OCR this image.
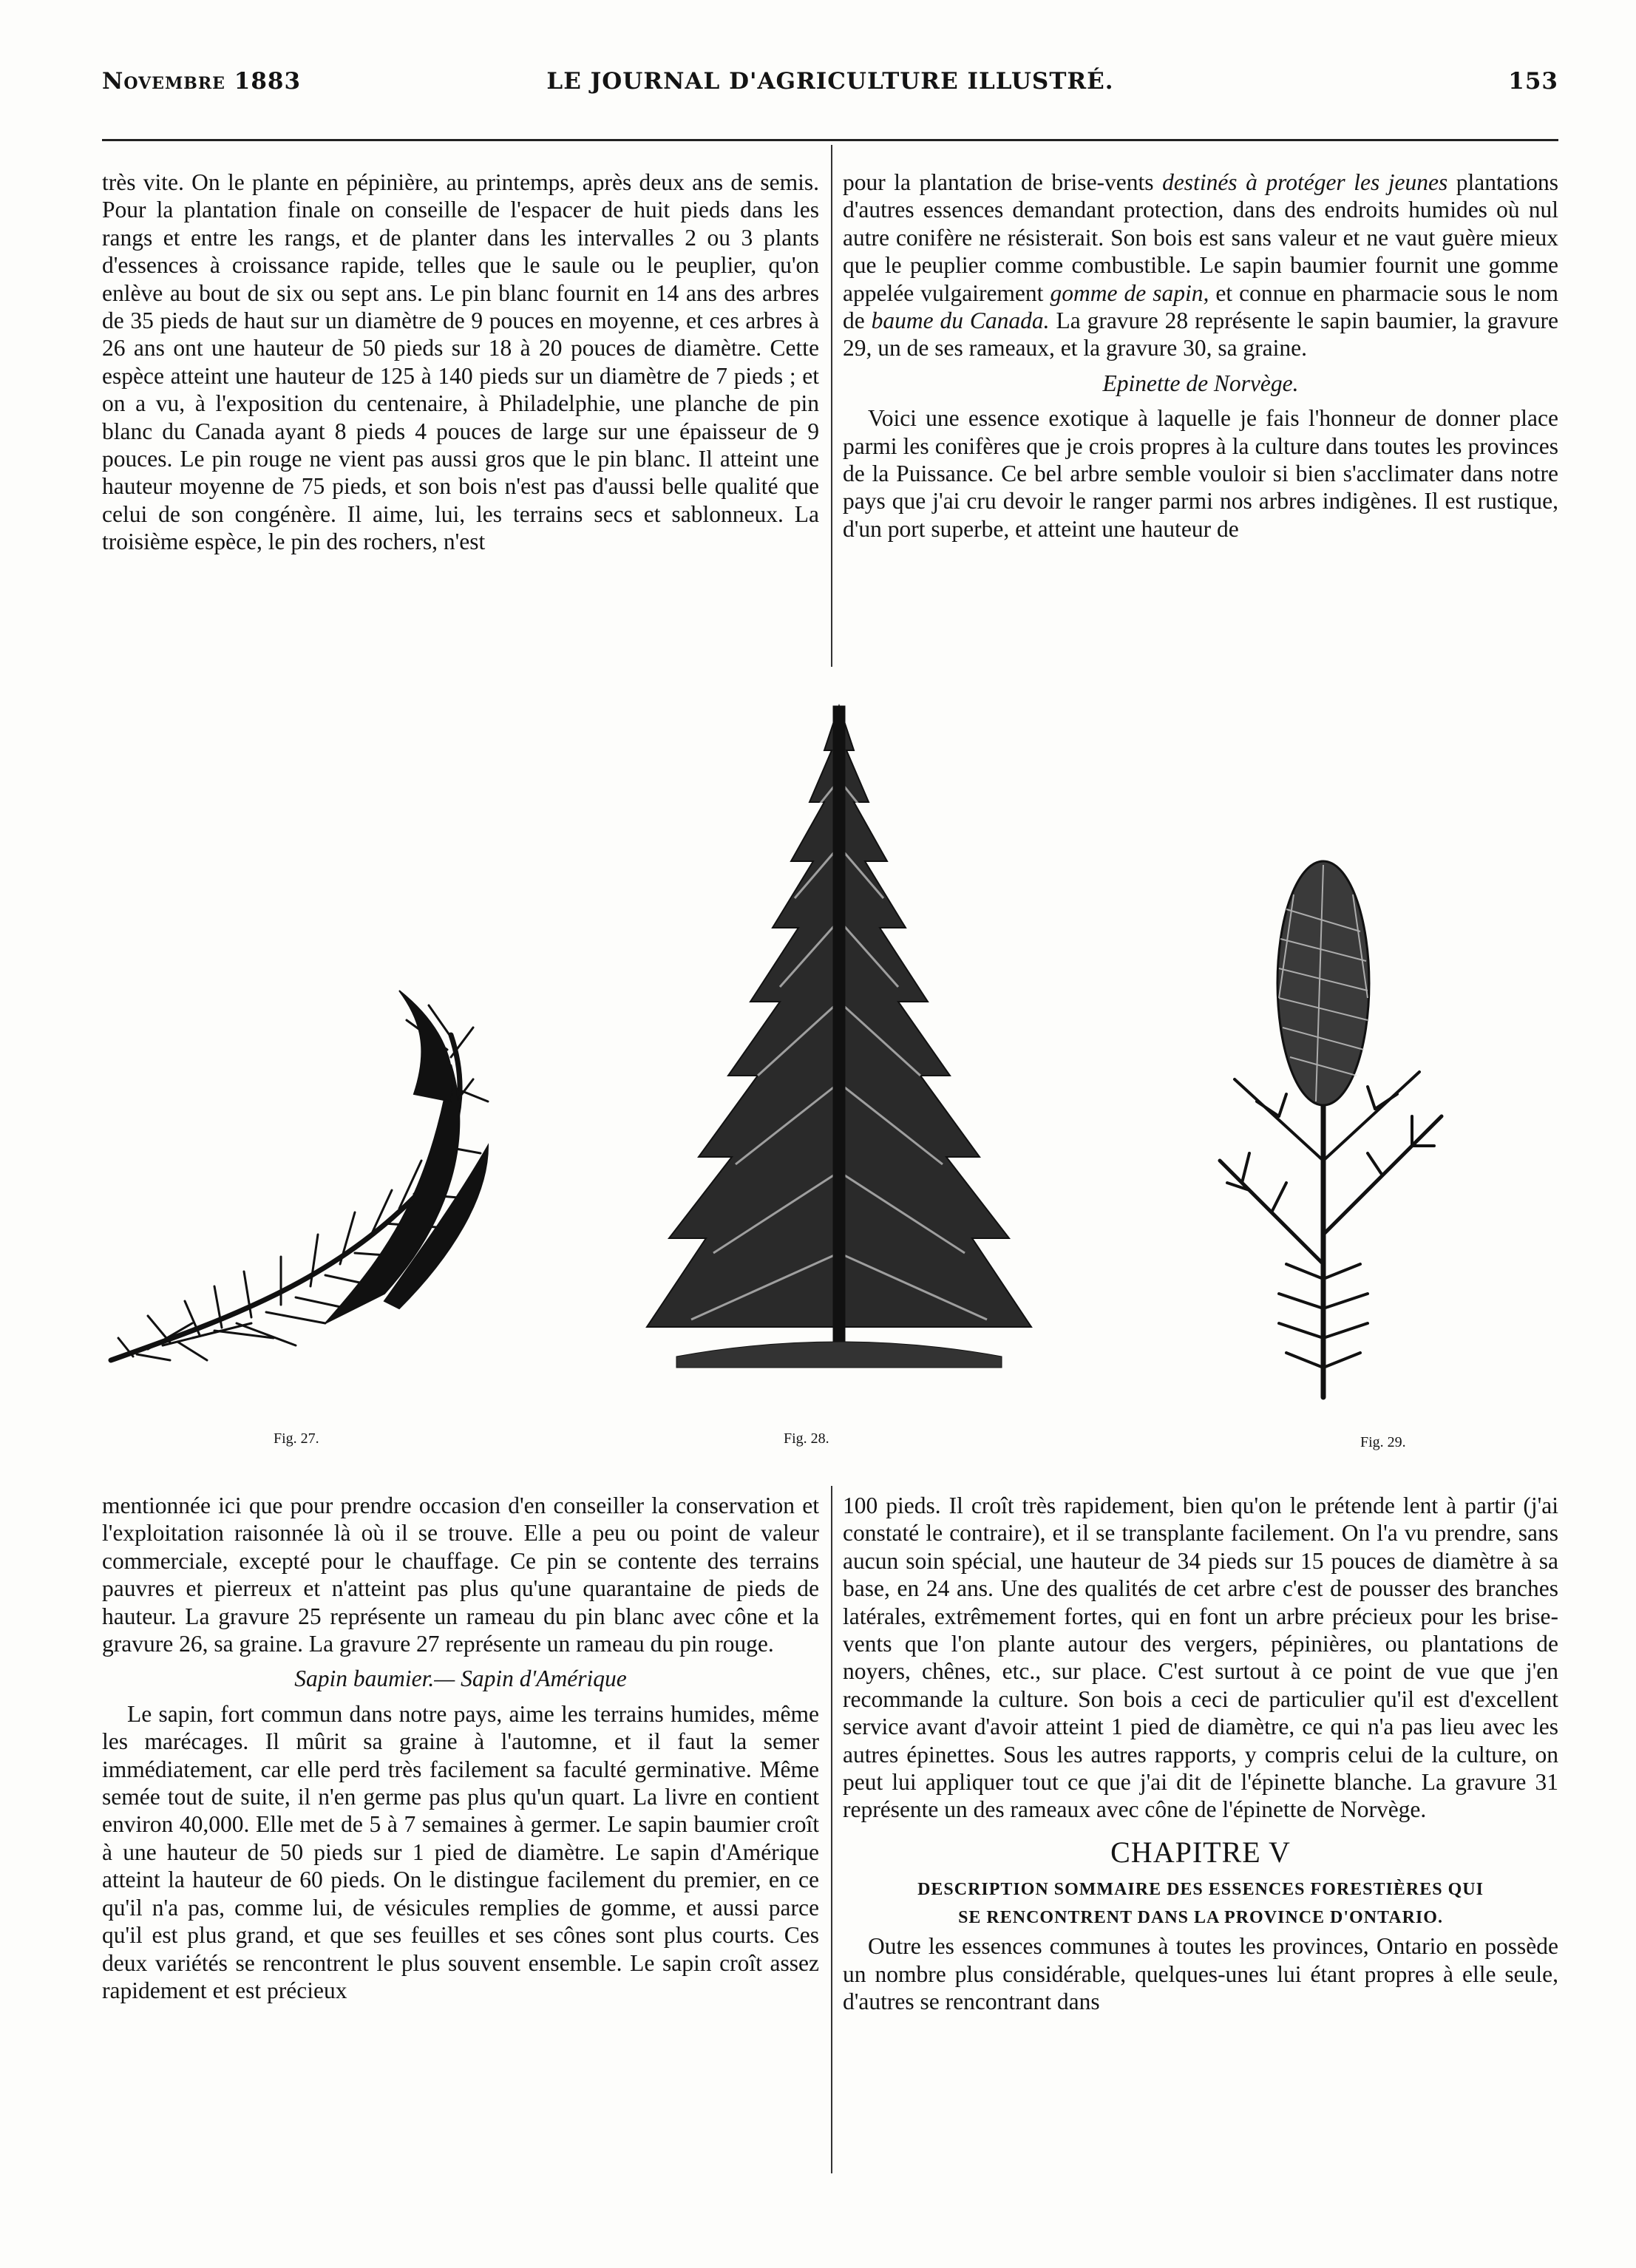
Novembre 1883	LE JOURNAL D'AGRICULTURE ILLUSTRÉ.	153

très vite. On le plante en pépinière, au printemps, après deux ans de semis. Pour la plantation finale on conseille de l'espacer de huit pieds dans les rangs et entre les rangs, et de planter dans les intervalles 2 ou 3 plants d'essences à croissance rapide, telles que le saule ou le peuplier, qu'on enlève au bout de six ou sept ans. Le pin blanc fournit en 14 ans des arbres de 35 pieds de haut sur un diamètre de 9 pouces en moyenne, et ces arbres à 26 ans ont une hauteur de 50 pieds sur 18 à 20 pouces de diamètre. Cette espèce atteint une hauteur de 125 à 140 pieds sur un diamètre de 7 pieds ; et on a vu, à l'exposition du centenaire, à Philadelphie, une planche de pin blanc du Canada ayant 8 pieds 4 pouces de large sur une épaisseur de 9 pouces. Le pin rouge ne vient pas aussi gros que le pin blanc. Il atteint une hauteur moyenne de 75 pieds, et son bois n'est pas d'aussi belle qualité que celui de son congénère. Il aime, lui, les terrains secs et sablonneux. La troisième espèce, le pin des rochers, n'est

pour la plantation de brise-vents destinés à protéger les jeunes plantations d'autres essences demandant protection, dans des endroits humides où nul autre conifère ne résisterait. Son bois est sans valeur et ne vaut guère mieux que le peuplier comme combustible. Le sapin baumier fournit une gomme appelée vulgairement gomme de sapin, et connue en pharmacie sous le nom de baume du Canada. La gravure 28 représente le sapin baumier, la gravure 29, un de ses rameaux, et la gravure 30, sa graine.

Epinette de Norvège.

Voici une essence exotique à laquelle je fais l'honneur de donner place parmi les conifères que je crois propres à la culture dans toutes les provinces de la Puissance. Ce bel arbre semble vouloir si bien s'acclimater dans notre pays que j'ai cru devoir le ranger parmi nos arbres indigènes. Il est rustique, d'un port superbe, et atteint une hauteur de

Fig. 27.	Fig. 28.	Fig. 29.

mentionnée ici que pour prendre occasion d'en conseiller la conservation et l'exploitation raisonnée là où il se trouve. Elle a peu ou point de valeur commerciale, excepté pour le chauffage. Ce pin se contente des terrains pauvres et pierreux et n'atteint pas plus qu'une quarantaine de pieds de hauteur. La gravure 25 représente un rameau du pin blanc avec cône et la gravure 26, sa graine. La gravure 27 représente un rameau du pin rouge.

Sapin baumier.— Sapin d'Amérique

Le sapin, fort commun dans notre pays, aime les terrains humides, même les marécages. Il mûrit sa graine à l'automne, et il faut la semer immédiatement, car elle perd très facilement sa faculté germinative. Même semée tout de suite, il n'en germe pas plus qu'un quart. La livre en contient environ 40,000. Elle met de 5 à 7 semaines à germer. Le sapin baumier croît à une hauteur de 50 pieds sur 1 pied de diamètre. Le sapin d'Amérique atteint la hauteur de 60 pieds. On le distingue facilement du premier, en ce qu'il n'a pas, comme lui, de vésicules remplies de gomme, et aussi parce qu'il est plus grand, et que ses feuilles et ses cônes sont plus courts. Ces deux variétés se rencontrent le plus souvent ensemble. Le sapin croît assez rapidement et est précieux

100 pieds. Il croît très rapidement, bien qu'on le prétende lent à partir (j'ai constaté le contraire), et il se transplante facilement. On l'a vu prendre, sans aucun soin spécial, une hauteur de 34 pieds sur 15 pouces de diamètre à sa base, en 24 ans. Une des qualités de cet arbre c'est de pousser des branches latérales, extrêmement fortes, qui en font un arbre précieux pour les brise-vents que l'on plante autour des vergers, pépinières, ou plantations de noyers, chênes, etc., sur place. C'est surtout à ce point de vue que j'en recommande la culture. Son bois a ceci de particulier qu'il est d'excellent service avant d'avoir atteint 1 pied de diamètre, ce qui n'a pas lieu avec les autres épinettes. Sous les autres rapports, y compris celui de la culture, on peut lui appliquer tout ce que j'ai dit de l'épinette blanche. La gravure 31 représente un des rameaux avec cône de l'épinette de Norvège.

CHAPITRE V
DESCRIPTION SOMMAIRE DES ESSENCES FORESTIÈRES QUI
SE RENCONTRENT DANS LA PROVINCE D'ONTARIO.

Outre les essences communes à toutes les provinces, Ontario en possède un nombre plus considérable, quelques-unes lui étant propres à elle seule, d'autres se rencontrant dans
